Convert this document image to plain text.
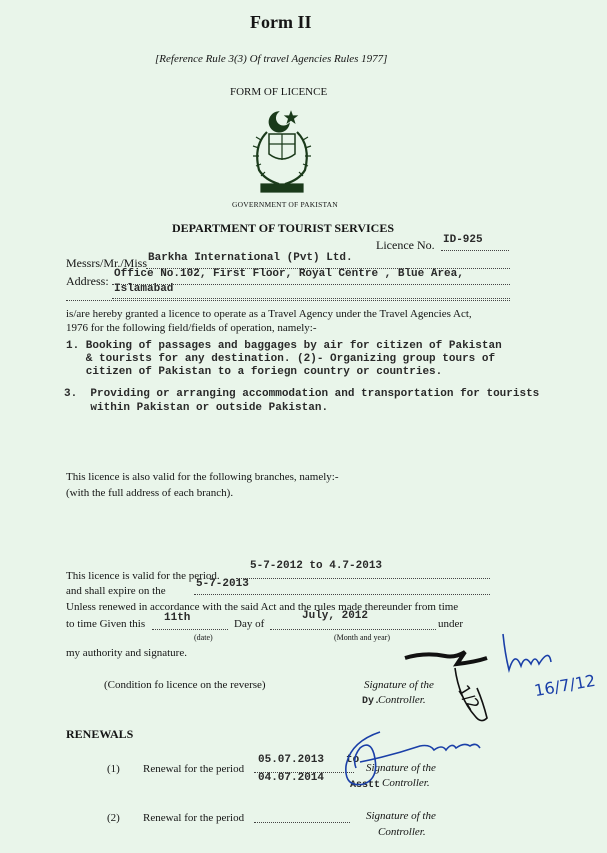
Form II
[Reference Rule 3(3) Of travel Agencies Rules 1977]
FORM OF LICENCE
GOVERNMENT OF PAKISTAN
DEPARTMENT OF TOURIST SERVICES
Licence No. ID-925
Messrs/Mr./Miss Barkha International (Pvt) Ltd.
Address: Office No.102, First Floor, Royal Centre , Blue Area,
Islamabad
is/are hereby granted a licence to operate as a Travel Agency under the Travel Agencies Act,
1976 for the following field/fields of operation, namely:-
1. Booking of passages and baggages by air for citizen of Pakistan
& tourists for any destination. (2)- Organizing group tours of
citizen of Pakistan to a foriegn country or countries.
3.  Providing or arranging accommodation and transportation for tourists
within Pakistan or outside Pakistan.
This licence is also valid for the following branches, namely:-
(with the full address of each branch).
This licence is valid for the period.
5-7-2012 to 4.7-2013
and shall expire on the
5-7-2013
Unless renewed in accordance with the said Act and the rules made thereunder from time
to time Given this 11th	Day of
July, 2012
under
(date)	(Month and year)
my authority and signature.
(Condition fo licence on the reverse)	Signature of the
Dy.
Controller. 1/2	16/7/12
RENEWALS
(1) Renewal for the period
05.07.2013 to
04.07.2014
Signature of the
Asstt Controller.
(2) Renewal for the period	Signature of the
Controller.
